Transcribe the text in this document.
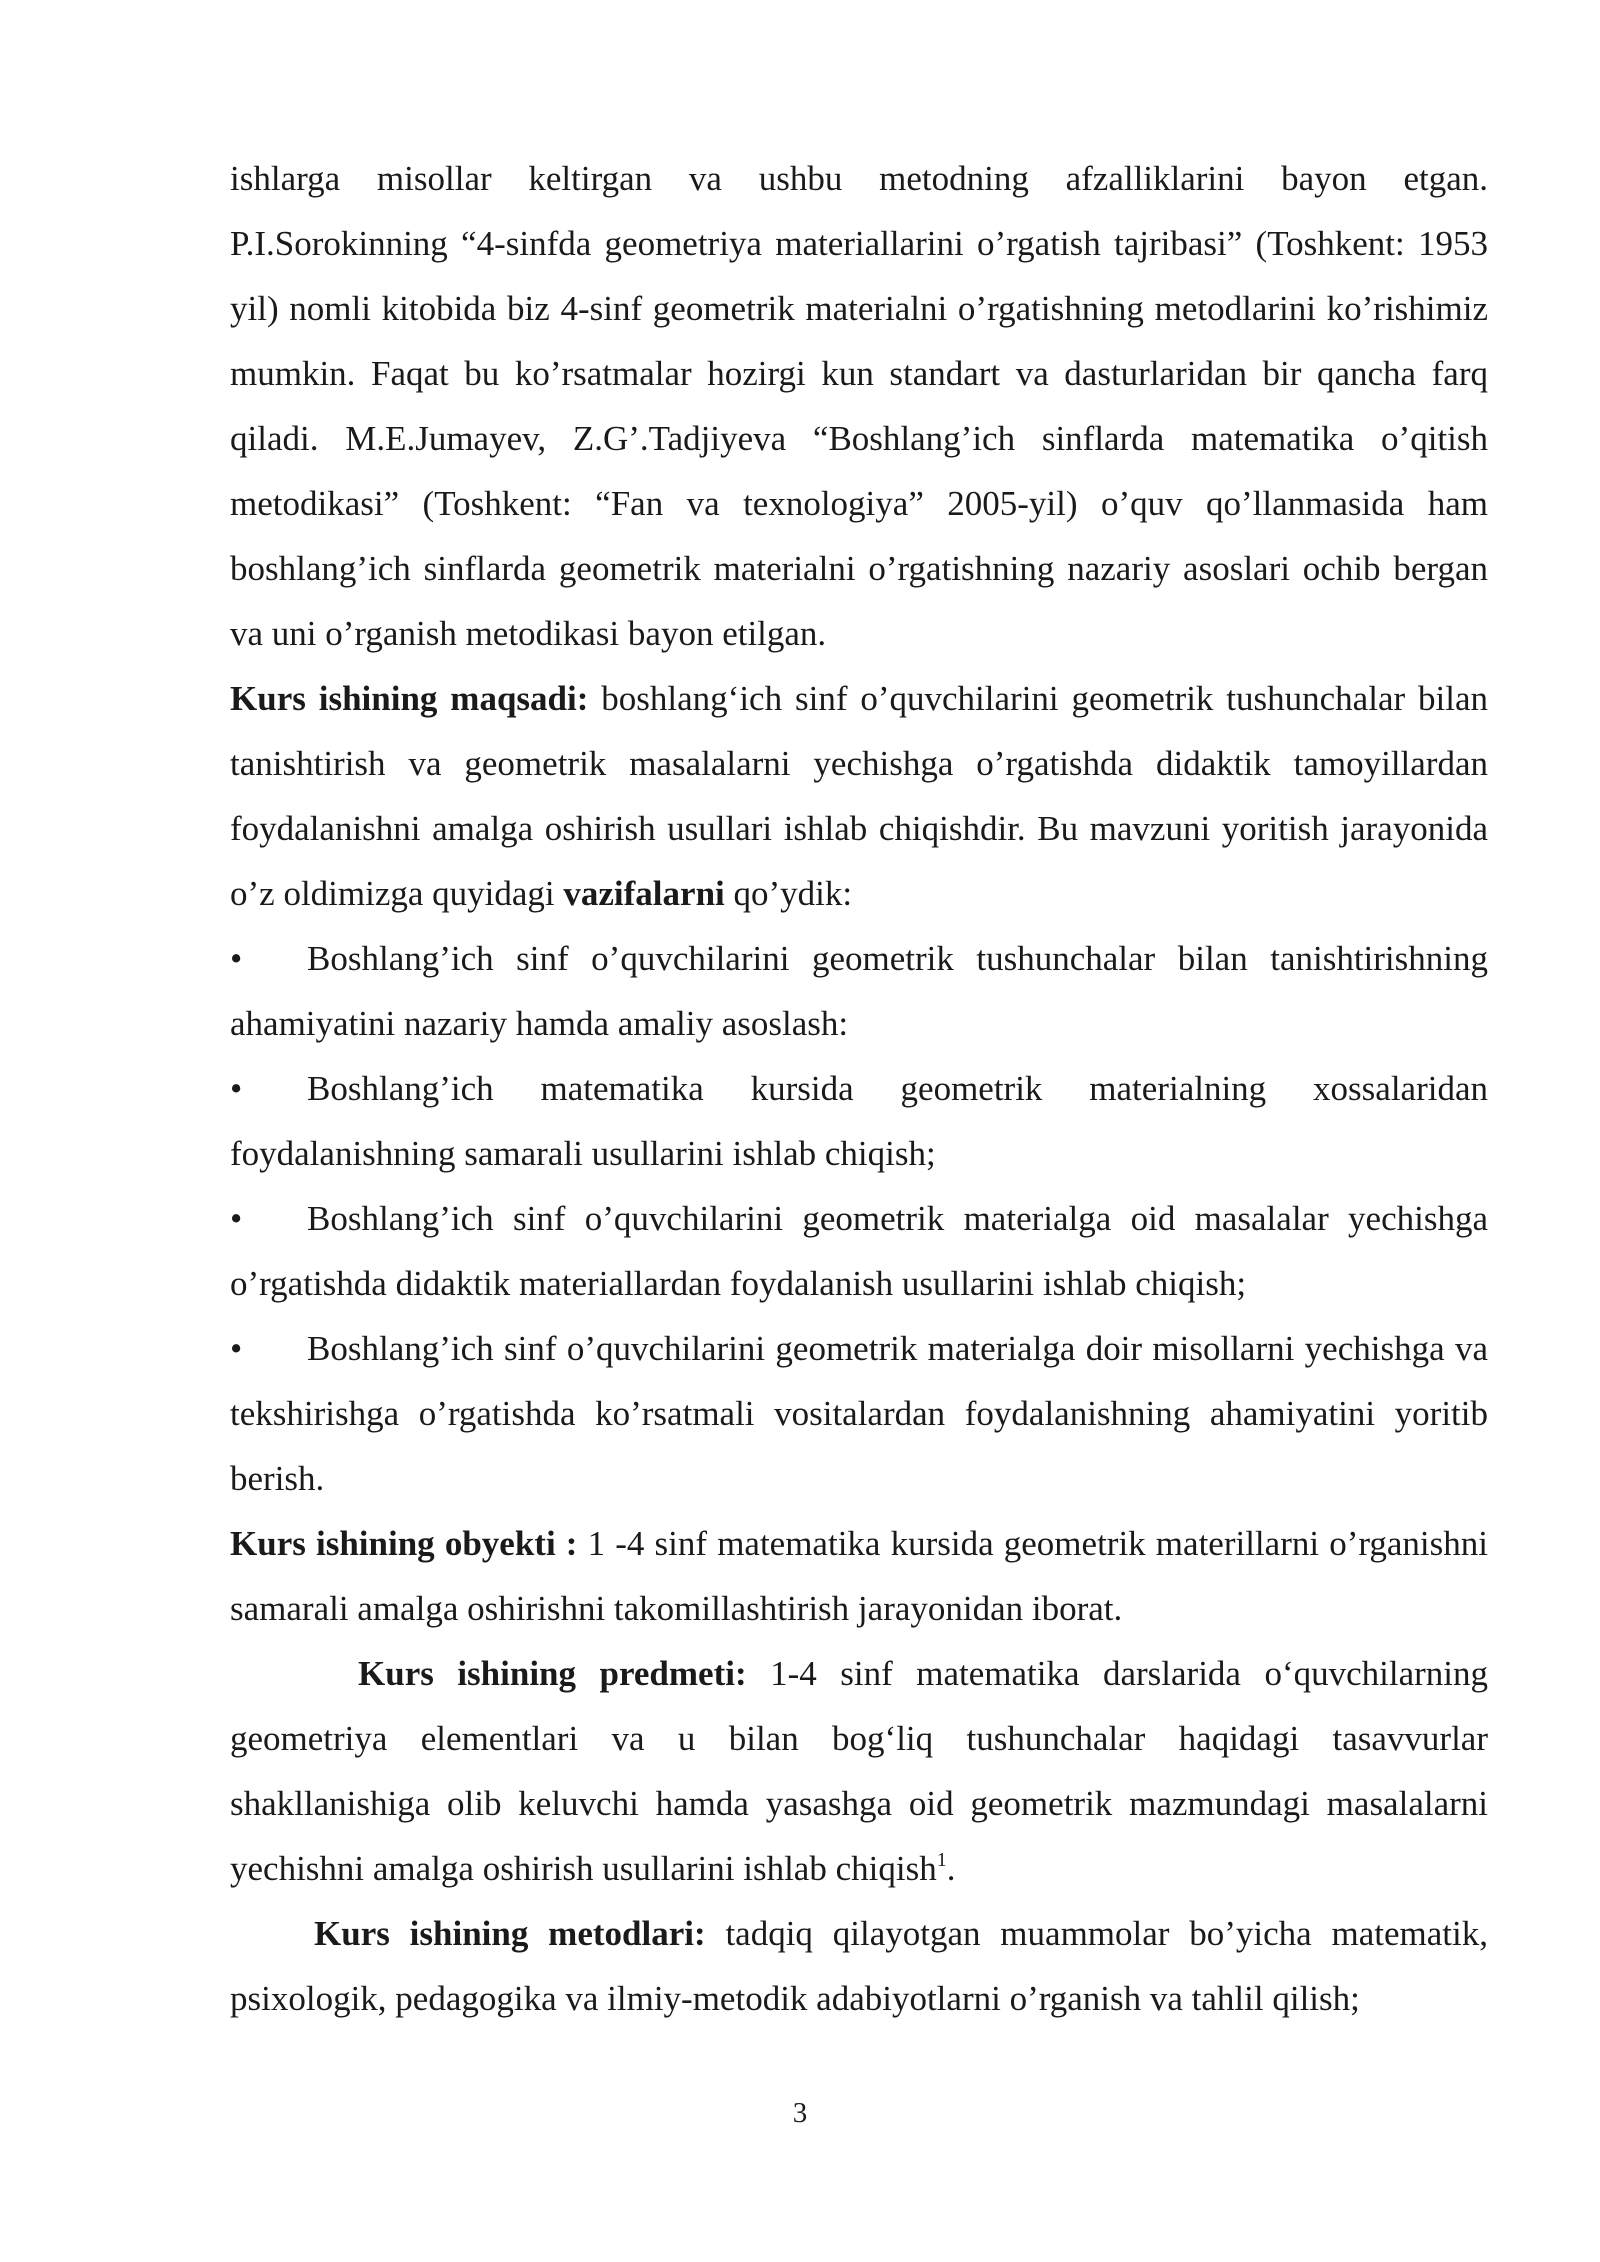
ishlarga misollar keltirgan va ushbu metodning afzalliklarini bayon etgan. P.I.Sorokinning “4-sinfda geometriya materiallarini o’rgatish tajribasi” (Toshkent: 1953 yil) nomli kitobida biz 4-sinf geometrik materialni o’rgatishning metodlarini ko’rishimiz mumkin. Faqat bu ko’rsatmalar hozirgi kun standart va dasturlaridan bir qancha farq qiladi. M.E.Jumayev, Z.G’.Tadjiyeva “Boshlang’ich sinflarda matematika o’qitish metodikasi” (Toshkent: “Fan va texnologiya” 2005-yil) o’quv qo’llanmasida ham boshlang’ich sinflarda geometrik materialni o’rgatishning nazariy asoslari ochib bergan va uni o’rganish metodikasi bayon etilgan.

Kurs ishining maqsadi: boshlang‘ich sinf o’quvchilarini geometrik tushunchalar bilan tanishtirish va geometrik masalalarni yechishga o’rgatishda didaktik tamoyillardan foydalanishni amalga oshirish usullari ishlab chiqishdir. Bu mavzuni yoritish jarayonida o’z oldimizga quyidagi vazifalarni qo’ydik:

• Boshlang’ich sinf o’quvchilarini geometrik tushunchalar bilan tanishtirishning ahamiyatini nazariy hamda amaliy asoslash:

• Boshlang’ich matematika kursida geometrik materialning xossalaridan foydalanishning samarali usullarini ishlab chiqish;

• Boshlang’ich sinf o’quvchilarini geometrik materialga oid masalalar yechishga o’rgatishda didaktik materiallardan foydalanish usullarini ishlab chiqish;

• Boshlang’ich sinf o’quvchilarini geometrik materialga doir misollarni yechishga va tekshirishga o’rgatishda ko’rsatmali vositalardan foydalanishning ahamiyatini yoritib berish.

Kurs ishining obyekti : 1 -4 sinf matematika kursida geometrik materillarni o’rganishni samarali amalga oshirishni takomillashtirish jarayonidan iborat.

Kurs ishining predmeti: 1-4 sinf matematika darslarida o‘quvchilarning geometriya elementlari va u bilan bog‘liq tushunchalar haqidagi tasavvurlar shakllanishiga olib keluvchi hamda yasashga oid geometrik mazmundagi masalalarni yechishni amalga oshirish usullarini ishlab chiqish$^1$.

Kurs ishining metodlari: tadqiq qilayotgan muammolar bo’yicha matematik, psixologik, pedagogika va ilmiy-metodik adabiyotlarni o’rganish va tahlil qilish;

3
